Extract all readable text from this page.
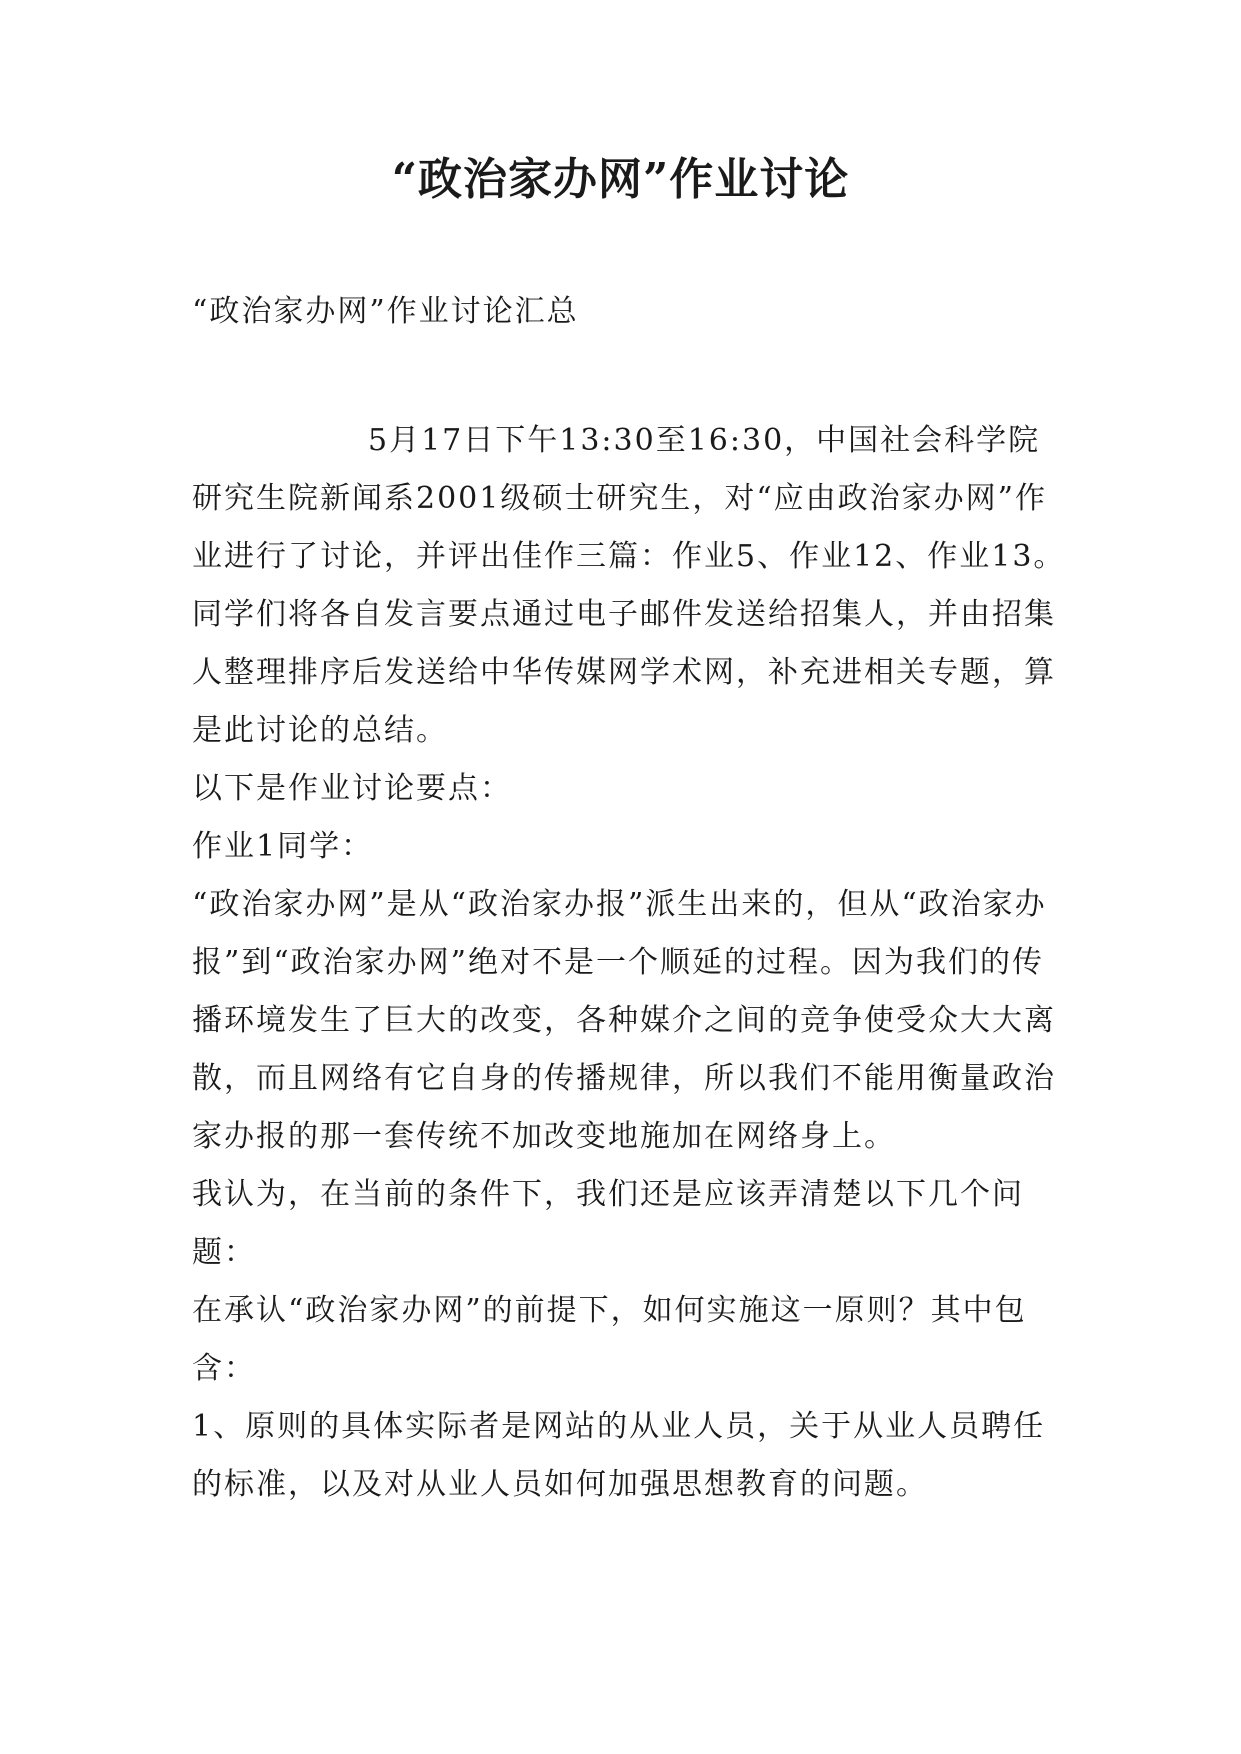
“政治家办网”作业讨论

“政治家办网”作业讨论汇总

5月17日下午13:30至16:30，中国社会科学院研究生院新闻系2001级硕士研究生，对“应由政治家办网”作业进行了讨论，并评出佳作三篇：作业5、作业12、作业13。同学们将各自发言要点通过电子邮件发送给招集人，并由招集人整理排序后发送给中华传媒网学术网，补充进相关专题，算是此讨论的总结。

以下是作业讨论要点：

作业1同学：

“政治家办网”是从“政治家办报”派生出来的，但从“政治家办报”到“政治家办网”绝对不是一个顺延的过程。因为我们的传播环境发生了巨大的改变，各种媒介之间的竞争使受众大大离散，而且网络有它自身的传播规律，所以我们不能用衡量政治家办报的那一套传统不加改变地施加在网络身上。

我认为，在当前的条件下，我们还是应该弄清楚以下几个问题：

在承认“政治家办网”的前提下，如何实施这一原则？其中包含：

1、原则的具体实际者是网站的从业人员，关于从业人员聘任的标准，以及对从业人员如何加强思想教育的问题。
